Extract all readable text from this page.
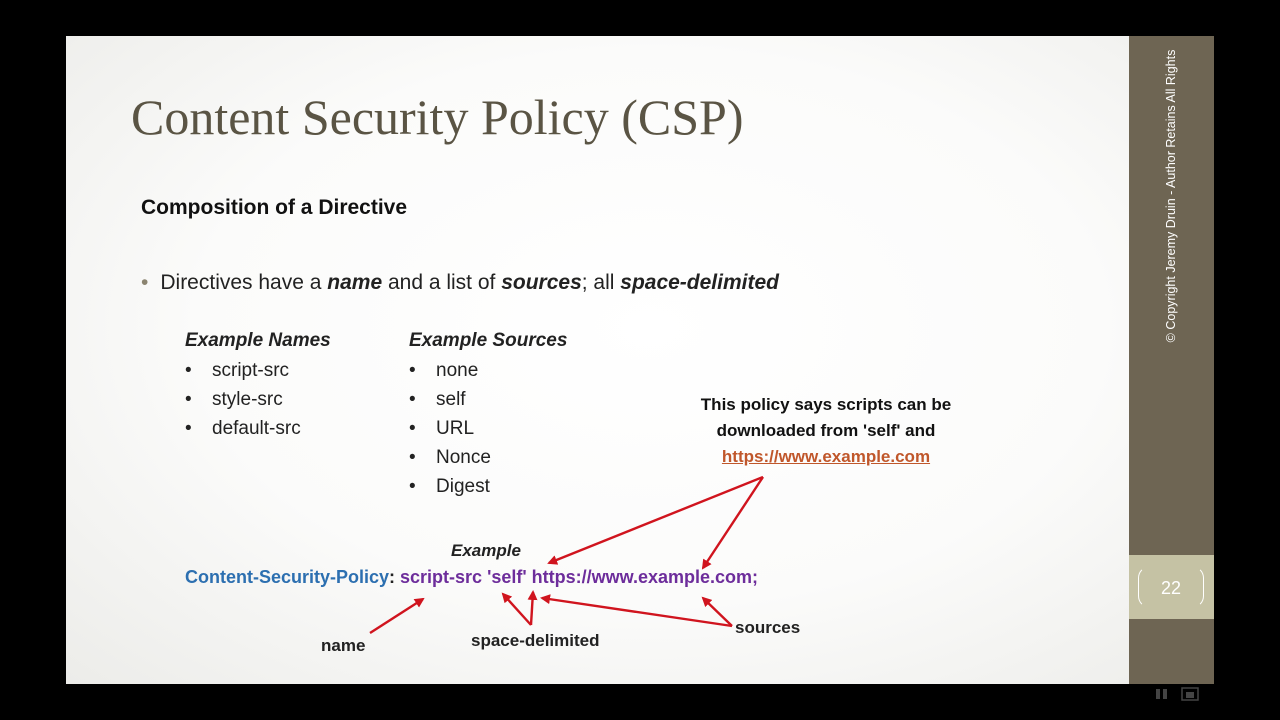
Content Security Policy (CSP)
Composition of a Directive
• Directives have a name and a list of sources; all space-delimited
Example Names
• script-src
• style-src
• default-src
Example Sources
• none
• self
• URL
• Nonce
• Digest
This policy says scripts can be
downloaded from 'self' and
https://www.example.com
Example
Content-Security-Policy: script-src 'self' https://www.example.com;
name	space-delimited
sources
© Copyright Jeremy Druin - Author Retains All Rights
22
